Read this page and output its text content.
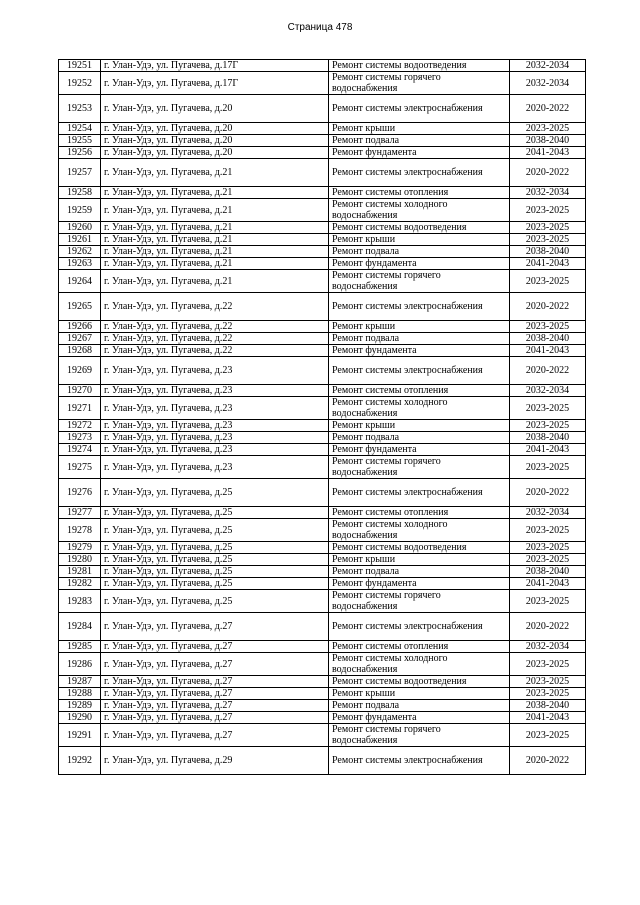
Страница 478
19251	г. Улан-Удэ, ул. Пугачева, д.17Г	Ремонт системы водоотведения	2032-2034
19252	г. Улан-Удэ, ул. Пугачева, д.17Г	Ремонт системы горячего водоснабжения	2032-2034
19253	г. Улан-Удэ, ул. Пугачева, д.20	Ремонт системы электроснабжения	2020-2022
19254	г. Улан-Удэ, ул. Пугачева, д.20	Ремонт крыши	2023-2025
19255	г. Улан-Удэ, ул. Пугачева, д.20	Ремонт подвала	2038-2040
19256	г. Улан-Удэ, ул. Пугачева, д.20	Ремонт фундамента	2041-2043
19257	г. Улан-Удэ, ул. Пугачева, д.21	Ремонт системы электроснабжения	2020-2022
19258	г. Улан-Удэ, ул. Пугачева, д.21	Ремонт системы отопления	2032-2034
19259	г. Улан-Удэ, ул. Пугачева, д.21	Ремонт системы холодного водоснабжения	2023-2025
19260	г. Улан-Удэ, ул. Пугачева, д.21	Ремонт системы водоотведения	2023-2025
19261	г. Улан-Удэ, ул. Пугачева, д.21	Ремонт крыши	2023-2025
19262	г. Улан-Удэ, ул. Пугачева, д.21	Ремонт подвала	2038-2040
19263	г. Улан-Удэ, ул. Пугачева, д.21	Ремонт фундамента	2041-2043
19264	г. Улан-Удэ, ул. Пугачева, д.21	Ремонт системы горячего водоснабжения	2023-2025
19265	г. Улан-Удэ, ул. Пугачева, д.22	Ремонт системы электроснабжения	2020-2022
19266	г. Улан-Удэ, ул. Пугачева, д.22	Ремонт крыши	2023-2025
19267	г. Улан-Удэ, ул. Пугачева, д.22	Ремонт подвала	2038-2040
19268	г. Улан-Удэ, ул. Пугачева, д.22	Ремонт фундамента	2041-2043
19269	г. Улан-Удэ, ул. Пугачева, д.23	Ремонт системы электроснабжения	2020-2022
19270	г. Улан-Удэ, ул. Пугачева, д.23	Ремонт системы отопления	2032-2034
19271	г. Улан-Удэ, ул. Пугачева, д.23	Ремонт системы холодного водоснабжения	2023-2025
19272	г. Улан-Удэ, ул. Пугачева, д.23	Ремонт крыши	2023-2025
19273	г. Улан-Удэ, ул. Пугачева, д.23	Ремонт подвала	2038-2040
19274	г. Улан-Удэ, ул. Пугачева, д.23	Ремонт фундамента	2041-2043
19275	г. Улан-Удэ, ул. Пугачева, д.23	Ремонт системы горячего водоснабжения	2023-2025
19276	г. Улан-Удэ, ул. Пугачева, д.25	Ремонт системы электроснабжения	2020-2022
19277	г. Улан-Удэ, ул. Пугачева, д.25	Ремонт системы отопления	2032-2034
19278	г. Улан-Удэ, ул. Пугачева, д.25	Ремонт системы холодного водоснабжения	2023-2025
19279	г. Улан-Удэ, ул. Пугачева, д.25	Ремонт системы водоотведения	2023-2025
19280	г. Улан-Удэ, ул. Пугачева, д.25	Ремонт крыши	2023-2025
19281	г. Улан-Удэ, ул. Пугачева, д.25	Ремонт подвала	2038-2040
19282	г. Улан-Удэ, ул. Пугачева, д.25	Ремонт фундамента	2041-2043
19283	г. Улан-Удэ, ул. Пугачева, д.25	Ремонт системы горячего водоснабжения	2023-2025
19284	г. Улан-Удэ, ул. Пугачева, д.27	Ремонт системы электроснабжения	2020-2022
19285	г. Улан-Удэ, ул. Пугачева, д.27	Ремонт системы отопления	2032-2034
19286	г. Улан-Удэ, ул. Пугачева, д.27	Ремонт системы холодного водоснабжения	2023-2025
19287	г. Улан-Удэ, ул. Пугачева, д.27	Ремонт системы водоотведения	2023-2025
19288	г. Улан-Удэ, ул. Пугачева, д.27	Ремонт крыши	2023-2025
19289	г. Улан-Удэ, ул. Пугачева, д.27	Ремонт подвала	2038-2040
19290	г. Улан-Удэ, ул. Пугачева, д.27	Ремонт фундамента	2041-2043
19291	г. Улан-Удэ, ул. Пугачева, д.27	Ремонт системы горячего водоснабжения	2023-2025
19292	г. Улан-Удэ, ул. Пугачева, д.29	Ремонт системы электроснабжения	2020-2022
